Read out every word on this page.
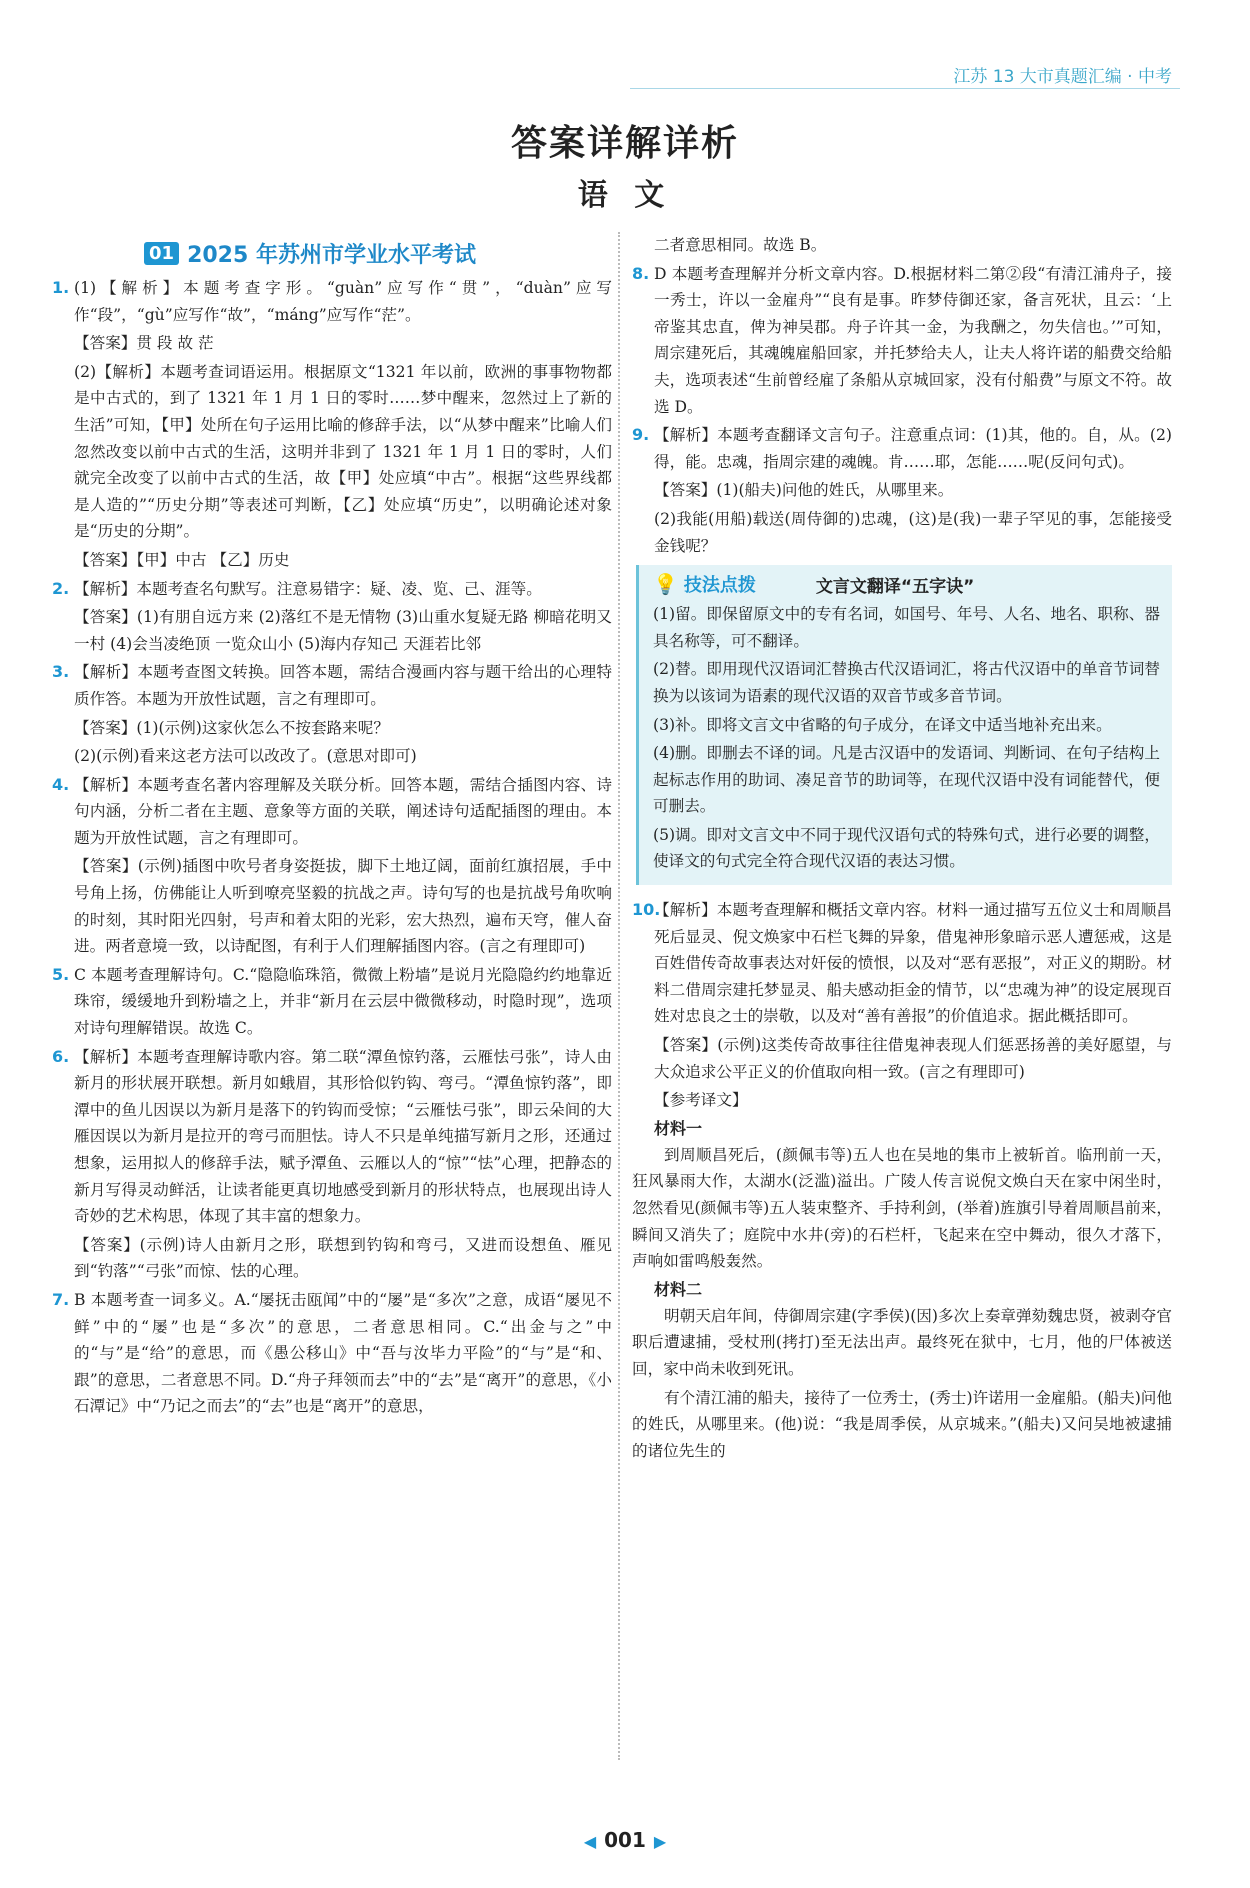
江苏 13 大市真题汇编 · 中考
答案详解详析
语 文
01 2025 年苏州市学业水平考试
1. (1)【解析】本题考查字形。“guàn”应写作“贯”，“duàn”应写作“段”，“gù”应写作“故”，“máng”应写作“茫”。
【答案】贯 段 故 茫
(2)【解析】本题考查词语运用。根据原文“1321 年以前，欧洲的事事物物都是中古式的，到了 1321 年 1 月 1 日的零时……梦中醒来，忽然过上了新的生活”可知，【甲】处所在句子运用比喻的修辞手法，以“从梦中醒来”比喻人们忽然改变以前中古式的生活，这明并非到了 1321 年 1 月 1 日的零时，人们就完全改变了以前中古式的生活，故【甲】处应填“中古”。根据“这些界线都是人造的”“历史分期”等表述可判断，【乙】处应填“历史”，以明确论述对象是“历史的分期”。
【答案】【甲】中古 【乙】历史
2. 【解析】本题考查名句默写。注意易错字：疑、凌、览、己、涯等。
【答案】(1)有朋自远方来 (2)落红不是无情物 (3)山重水复疑无路 柳暗花明又一村 (4)会当凌绝顶 一览众山小 (5)海内存知己 天涯若比邻
3. 【解析】本题考查图文转换。回答本题，需结合漫画内容与题干给出的心理特质作答。本题为开放性试题，言之有理即可。
【答案】(1)(示例)这家伙怎么不按套路来呢？
(2)(示例)看来这老方法可以改改了。(意思对即可)
4. 【解析】本题考查名著内容理解及关联分析。回答本题，需结合插图内容、诗句内涵，分析二者在主题、意象等方面的关联，阐述诗句适配插图的理由。本题为开放性试题，言之有理即可。
【答案】(示例)插图中吹号者身姿挺拔，脚下土地辽阔，面前红旗招展，手中号角上扬，仿佛能让人听到嘹亮坚毅的抗战之声。诗句写的也是抗战号角吹响的时刻，其时阳光四射，号声和着太阳的光彩，宏大热烈，遍布天穹，催人奋进。两者意境一致，以诗配图，有利于人们理解插图内容。(言之有理即可)
5. C 本题考查理解诗句。C.“隐隐临珠箔，微微上粉墙”是说月光隐隐约约地靠近珠帘，缓缓地升到粉墙之上，并非“新月在云层中微微移动，时隐时现”，选项对诗句理解错误。故选 C。
6. 【解析】本题考查理解诗歌内容。第二联“潭鱼惊钓落，云雁怯弓张”，诗人由新月的形状展开联想。新月如蛾眉，其形恰似钓钩、弯弓。“潭鱼惊钓落”，即潭中的鱼儿因误以为新月是落下的钓钩而受惊；“云雁怯弓张”，即云朵间的大雁因误以为新月是拉开的弯弓而胆怯。诗人不只是单纯描写新月之形，还通过想象，运用拟人的修辞手法，赋予潭鱼、云雁以人的“惊”“怯”心理，把静态的新月写得灵动鲜活，让读者能更真切地感受到新月的形状特点，也展现出诗人奇妙的艺术构思，体现了其丰富的想象力。
【答案】(示例)诗人由新月之形，联想到钓钩和弯弓，又进而设想鱼、雁见到“钓落”“弓张”而惊、怯的心理。
7. B 本题考查一词多义。A.“屡抚击瓯闻”中的“屡”是“多次”之意，成语“屡见不鲜”中的“屡”也是“多次”的意思，二者意思相同。C.“出金与之”中的“与”是“给”的意思，而《愚公移山》中“吾与汝毕力平险”的“与”是“和、跟”的意思，二者意思不同。D.“舟子拜领而去”中的“去”是“离开”的意思，《小石潭记》中“乃记之而去”的“去”也是“离开”的意思，
二者意思相同。故选 B。
8. D 本题考查理解并分析文章内容。D.根据材料二第②段“有清江浦舟子，接一秀士，许以一金雇舟”“良有是事。昨梦侍御还家，备言死状，且云：‘上帝鉴其忠直，俾为神吴郡。舟子许其一金，为我酬之，勿失信也。’”可知，周宗建死后，其魂魄雇船回家，并托梦给夫人，让夫人将许诺的船费交给船夫，选项表述“生前曾经雇了条船从京城回家，没有付船费”与原文不符。故选 D。
9. 【解析】本题考查翻译文言句子。注意重点词：(1)其，他的。自，从。(2)得，能。忠魂，指周宗建的魂魄。肯……耶，怎能……呢(反问句式)。
【答案】(1)(船夫)问他的姓氏，从哪里来。
(2)我能(用船)载送(周侍御的)忠魂，(这)是(我)一辈子罕见的事，怎能接受金钱呢？
💡 技法点拨	文言文翻译“五字诀”
(1)留。即保留原文中的专有名词，如国号、年号、人名、地名、职称、器具名称等，可不翻译。
(2)替。即用现代汉语词汇替换古代汉语词汇，将古代汉语中的单音节词替换为以该词为语素的现代汉语的双音节或多音节词。
(3)补。即将文言文中省略的句子成分，在译文中适当地补充出来。
(4)删。即删去不译的词。凡是古汉语中的发语词、判断词、在句子结构上起标志作用的助词、凑足音节的助词等，在现代汉语中没有词能替代，便可删去。
(5)调。即对文言文中不同于现代汉语句式的特殊句式，进行必要的调整，使译文的句式完全符合现代汉语的表达习惯。
10.
【解析】本题考查理解和概括文章内容。材料一通过描写五位义士和周顺昌死后显灵、倪文焕家中石栏飞舞的异象，借鬼神形象暗示恶人遭惩戒，这是百姓借传奇故事表达对奸佞的愤恨，以及对“恶有恶报”，对正义的期盼。材料二借周宗建托梦显灵、船夫感动拒金的情节，以“忠魂为神”的设定展现百姓对忠良之士的崇敬，以及对“善有善报”的价值追求。据此概括即可。
【答案】(示例)这类传奇故事往往借鬼神表现人们惩恶扬善的美好愿望，与大众追求公平正义的价值取向相一致。(言之有理即可)
【参考译文】
材料一
到周顺昌死后，(颜佩韦等)五人也在吴地的集市上被斩首。临刑前一天，狂风暴雨大作，太湖水(泛滥)溢出。广陵人传言说倪文焕白天在家中闲坐时，忽然看见(颜佩韦等)五人装束整齐、手持利剑，(举着)旌旗引导着周顺昌前来，瞬间又消失了；庭院中水井(旁)的石栏杆，飞起来在空中舞动，很久才落下，声响如雷鸣般轰然。
材料二
明朝天启年间，侍御周宗建(字季侯)(因)多次上奏章弹劾魏忠贤，被剥夺官职后遭逮捕，受杖刑(拷打)至无法出声。最终死在狱中，七月，他的尸体被送回，家中尚未收到死讯。
有个清江浦的船夫，接待了一位秀士，(秀士)许诺用一金雇船。(船夫)问他的姓氏，从哪里来。(他)说：“我是周季侯，从京城来。”(船夫)又问吴地被逮捕的诸位先生的
◀ 001 ▶
